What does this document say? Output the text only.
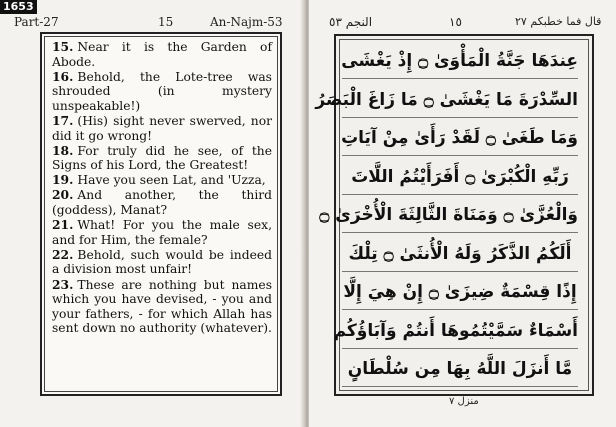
1653
Part-27	15	An-Najm-53
15. Near it is the Garden of Abode.
16. Behold, the Lote-tree was shrouded (in mystery unspeakable!)
17. (His) sight never swerved, nor did it go wrong!
18. For truly did he see, of the Signs of his Lord, the Greatest!
19. Have you seen Lat, and 'Uzza,
20. And another, the third (goddess), Manat?
21. What! For you the male sex, and for Him, the female?
22. Behold, such would be indeed a division most unfair!
23. These are nothing but names which you have devised, - you and your fathers, - for which Allah has sent down no authority (whatever).
النجم ٥٣	١٥	قال فما خطبكم ٢٧
عِندَهَا جَنَّةُ الْمَأْوَىٰ ۝ إِذْ يَغْشَى
السِّدْرَةَ مَا يَغْشَىٰ ۝ مَا زَاغَ الْبَصَرُ
وَمَا طَغَىٰ ۝ لَقَدْ رَأَىٰ مِنْ آيَاتِ
رَبِّهِ الْكُبْرَىٰ ۝ أَفَرَأَيْتُمُ اللَّاتَ
وَالْعُزَّىٰ ۝ وَمَنَاةَ الثَّالِثَةَ الْأُخْرَىٰ ۝
أَلَكُمُ الذَّكَرُ وَلَهُ الْأُنثَىٰ ۝ تِلْكَ
إِذًا قِسْمَةٌ ضِيزَىٰ ۝ إِنْ هِيَ إِلَّا
أَسْمَاءٌ سَمَّيْتُمُوهَا أَنتُمْ وَآبَاؤُكُم
مَّا أَنزَلَ اللَّهُ بِهَا مِن سُلْطَانٍ
منزل ٧
